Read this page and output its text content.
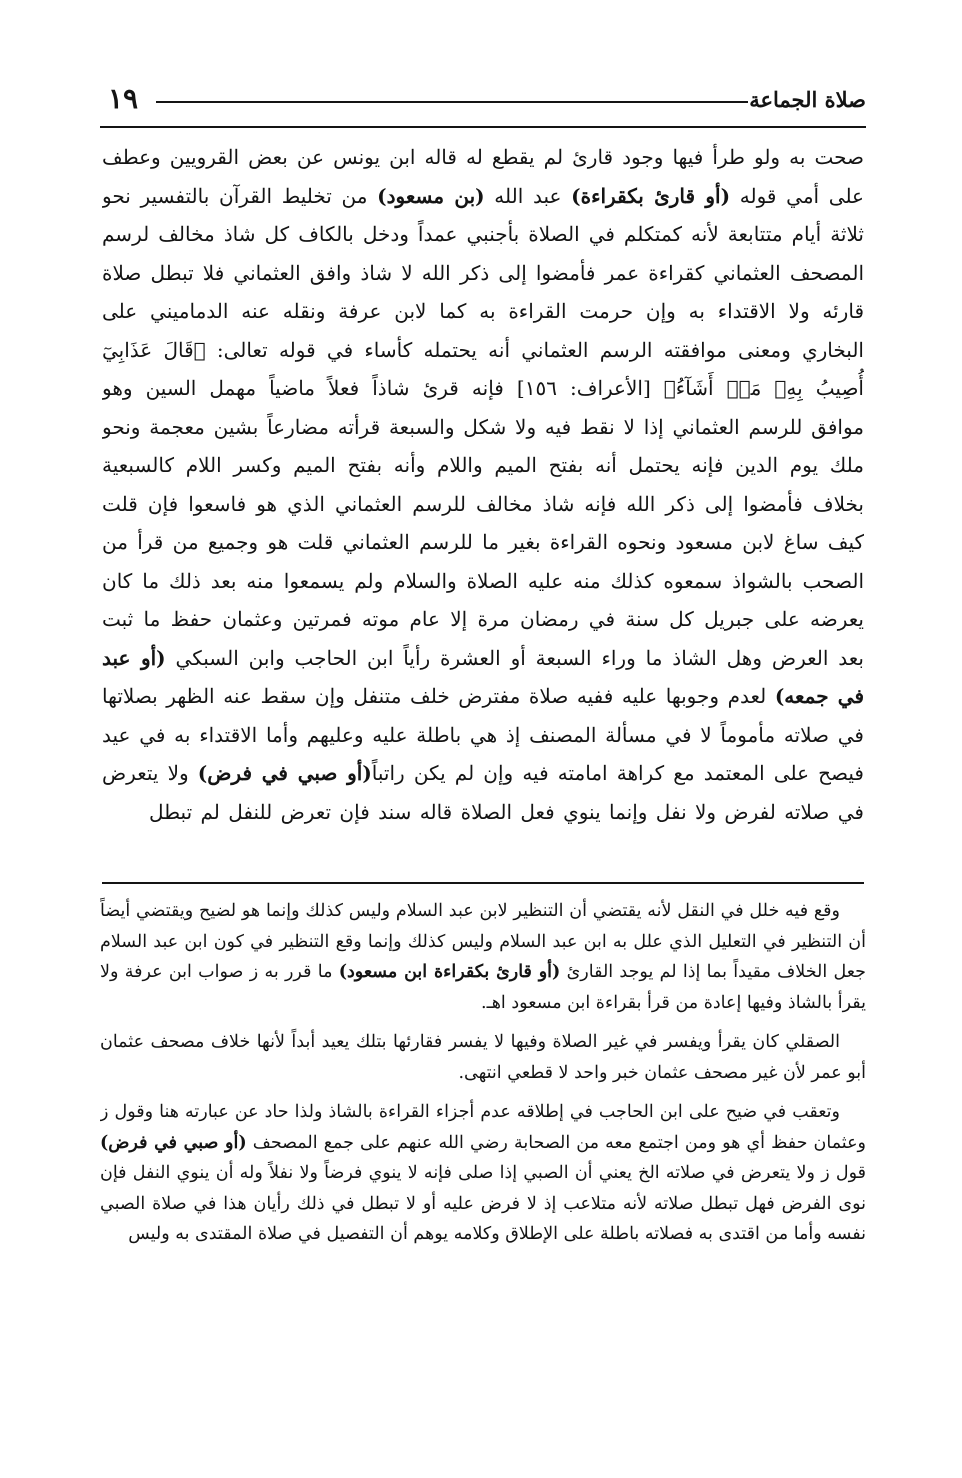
١٩	صلاة الجماعة

صحت به ولو طرأ فيها وجود قارئ لم يقطع له قاله ابن يونس عن بعض القرويين وعطف على أمي قوله (أو قارئ بكقراءة) عبد الله (بن مسعود) من تخليط القرآن بالتفسير نحو ثلاثة أيام متتابعة لأنه كمتكلم في الصلاة بأجنبي عمداً ودخل بالكاف كل شاذ مخالف لرسم المصحف العثماني كقراءة عمر فأمضوا إلى ذكر الله لا شاذ وافق العثماني فلا تبطل صلاة قارئه ولا الاقتداء به وإن حرمت القراءة به كما لابن عرفة ونقله عنه الدماميني على البخاري ومعنى موافقته الرسم العثماني أنه يحتمله كأساء في قوله تعالى: ﴿قَالَ عَذَابِيٓ أُصِيبُ بِهِۦ مَنۡ أَشَآءُ﴾ [الأعراف: ١٥٦] فإنه قرئ شاذاً فعلاً ماضياً مهمل السين وهو موافق للرسم العثماني إذا لا نقط فيه ولا شكل والسبعة قرأته مضارعاً بشين معجمة ونحو ملك يوم الدين فإنه يحتمل أنه بفتح الميم واللام وأنه بفتح الميم وكسر اللام كالسبعية بخلاف فأمضوا إلى ذكر الله فإنه شاذ مخالف للرسم العثماني الذي هو فاسعوا فإن قلت كيف ساغ لابن مسعود ونحوه القراءة بغير ما للرسم العثماني قلت هو وجميع من قرأ من الصحب بالشواذ سمعوه كذلك منه عليه الصلاة والسلام ولم يسمعوا منه بعد ذلك ما كان يعرضه على جبريل كل سنة في رمضان مرة إلا عام موته فمرتين وعثمان حفظ ما ثبت بعد العرض وهل الشاذ ما وراء السبعة أو العشرة رأياً ابن الحاجب وابن السبكي (أو عبد في جمعه) لعدم وجوبها عليه ففيه صلاة مفترض خلف متنفل وإن سقط عنه الظهر بصلاتها في صلاته مأموماً لا في مسألة المصنف إذ هي باطلة عليه وعليهم وأما الاقتداء به في عيد فيصح على المعتمد مع كراهة امامته فيه وإن لم يكن راتباً(أو صبي في فرض) ولا يتعرض في صلاته لفرض ولا نفل وإنما ينوي فعل الصلاة قاله سند فإن تعرض للنفل لم تبطل

وقع فيه خلل في النقل لأنه يقتضي أن التنظير لابن عبد السلام وليس كذلك وإنما هو لضيح ويقتضي أيضاً أن التنظير في التعليل الذي علل به ابن عبد السلام وليس كذلك وإنما وقع التنظير في كون ابن عبد السلام جعل الخلاف مقيداً بما إذا لم يوجد القارئ (أو قارئ بكقراءة ابن مسعود) ما قرر به ز صواب ابن عرفة ولا يقرأ بالشاذ وفيها إعادة من قرأ بقراءة ابن مسعود اهـ.

الصقلي كان يقرأ ويفسر في غير الصلاة وفيها لا يفسر فقارئها بتلك يعيد أبداً لأنها خلاف مصحف عثمان أبو عمر لأن غير مصحف عثمان خبر واحد لا قطعي انتهى.

وتعقب في ضيح على ابن الحاجب في إطلاقه عدم أجزاء القراءة بالشاذ ولذا حاد عن عبارته هنا وقول ز وعثمان حفظ أي هو ومن اجتمع معه من الصحابة رضي الله عنهم على جمع المصحف (أو صبي في فرض) قول ز ولا يتعرض في صلاته الخ يعني أن الصبي إذا صلى فإنه لا ينوي فرضاً ولا نفلاً وله أن ينوي النفل فإن نوى الفرض فهل تبطل صلاته لأنه متلاعب إذ لا فرض عليه أو لا تبطل في ذلك رأيان هذا في صلاة الصبي نفسه وأما من اقتدى به فصلاته باطلة على الإطلاق وكلامه يوهم أن التفصيل في صلاة المقتدى به وليس
